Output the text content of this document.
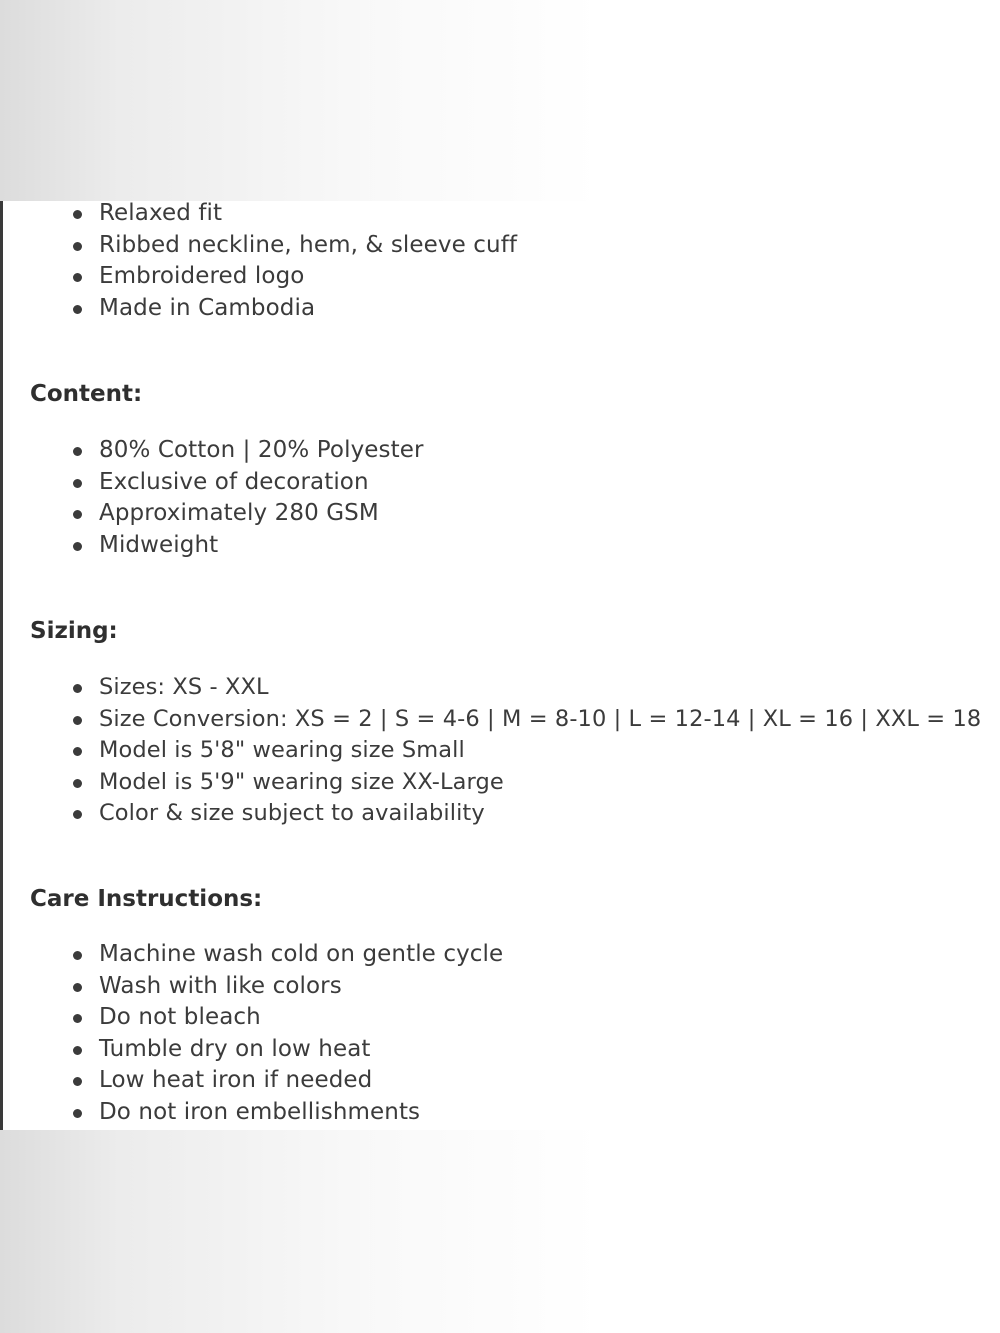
Relaxed fit
Ribbed neckline, hem, & sleeve cuff
Embroidered logo
Made in Cambodia
Content:
80% Cotton | 20% Polyester
Exclusive of decoration
Approximately 280 GSM
Midweight
Sizing:
Sizes: XS - XXL
Size Conversion: XS = 2 | S = 4-6 | M = 8-10 | L = 12-14 | XL = 16 | XXL = 18
Model is 5'8" wearing size Small
Model is 5'9" wearing size XX-Large
Color & size subject to availability
Care Instructions:
Machine wash cold on gentle cycle
Wash with like colors
Do not bleach
Tumble dry on low heat
Low heat iron if needed
Do not iron embellishments
